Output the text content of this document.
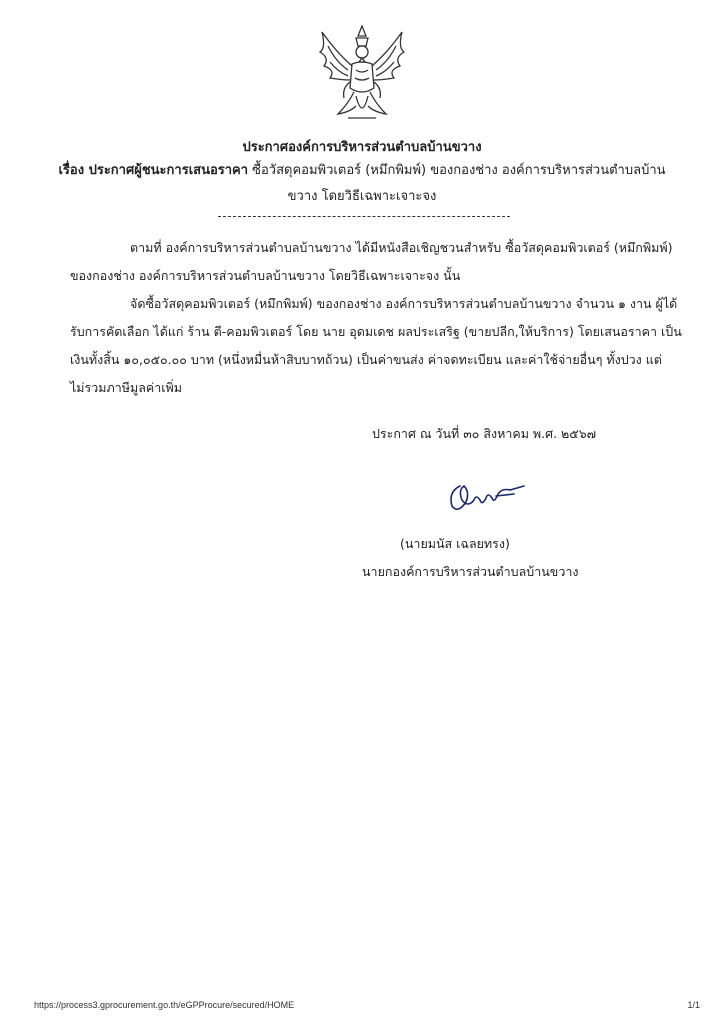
ประกาศองค์การบริหารส่วนตำบลบ้านขวาง
เรื่อง ประกาศผู้ชนะการเสนอราคา ซื้อวัสดุคอมพิวเตอร์ (หมึกพิมพ์) ของกองช่าง องค์การบริหารส่วนตำบลบ้าน
ขวาง โดยวิธีเฉพาะเจาะจง
ตามที่ องค์การบริหารส่วนตำบลบ้านขวาง ได้มีหนังสือเชิญชวนสำหรับ ซื้อวัสดุคอมพิวเตอร์ (หมึกพิมพ์)
ของกองช่าง องค์การบริหารส่วนตำบลบ้านขวาง โดยวิธีเฉพาะเจาะจง นั้น
จัดซื้อวัสดุคอมพิวเตอร์ (หมึกพิมพ์) ของกองช่าง องค์การบริหารส่วนตำบลบ้านขวาง จำนวน ๑ งาน ผู้ได้
รับการคัดเลือก ได้แก่ ร้าน ตี-คอมพิวเตอร์ โดย นาย อุดมเดช ผลประเสริฐ (ขายปลีก,ให้บริการ) โดยเสนอราคา เป็น
เงินทั้งสิ้น ๑๐,๐๕๐.๐๐ บาท (หนึ่งหมื่นห้าสิบบาทถ้วน) เป็นค่าขนส่ง ค่าจดทะเบียน และค่าใช้จ่ายอื่นๆ ทั้งปวง แต่
ไม่รวมภาษีมูลค่าเพิ่ม
ประกาศ ณ วันที่ ๓๐ สิงหาคม พ.ศ. ๒๕๖๗
(นายมนัส เฉลยทรง)
นายกองค์การบริหารส่วนตำบลบ้านขวาง
https://process3.gprocurement.go.th/eGPProcure/secured/HOME	1/1
